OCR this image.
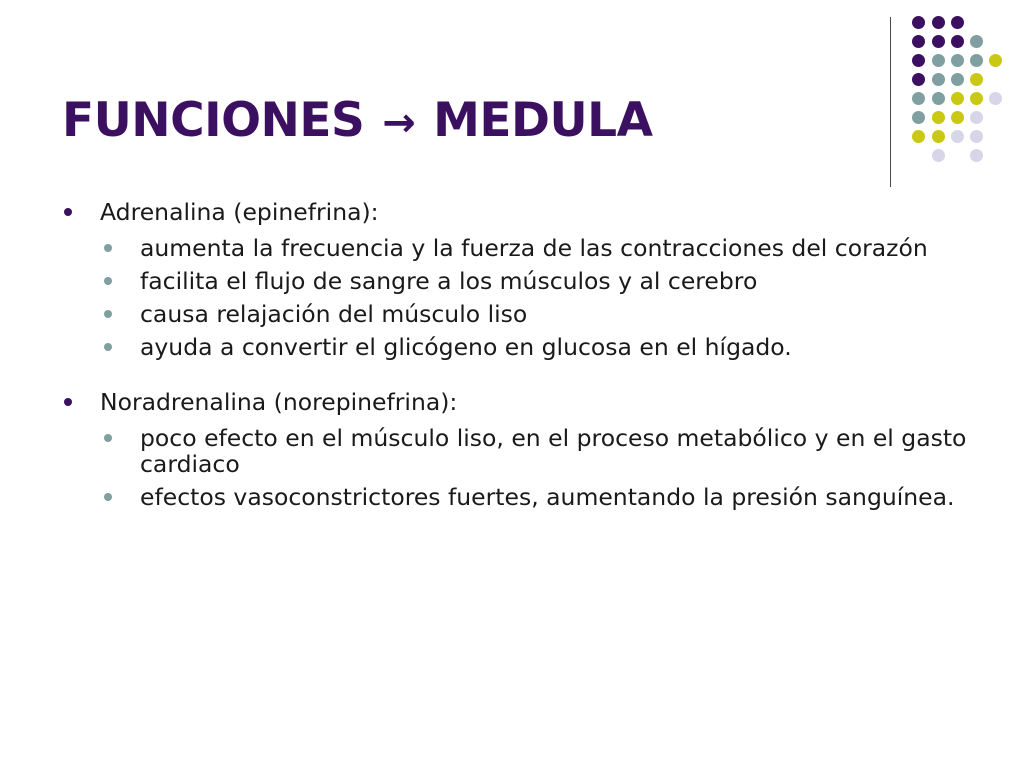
FUNCIONES → MEDULA
Adrenalina (epinefrina):
aumenta la frecuencia y la fuerza de las contracciones del corazón
facilita el flujo de sangre a los músculos y al cerebro
causa relajación del músculo liso
ayuda a convertir el glicógeno en glucosa en el hígado.
Noradrenalina (norepinefrina):
poco efecto en el músculo liso, en el proceso metabólico y en el gasto cardiaco
efectos vasoconstrictores fuertes, aumentando la presión sanguínea.
